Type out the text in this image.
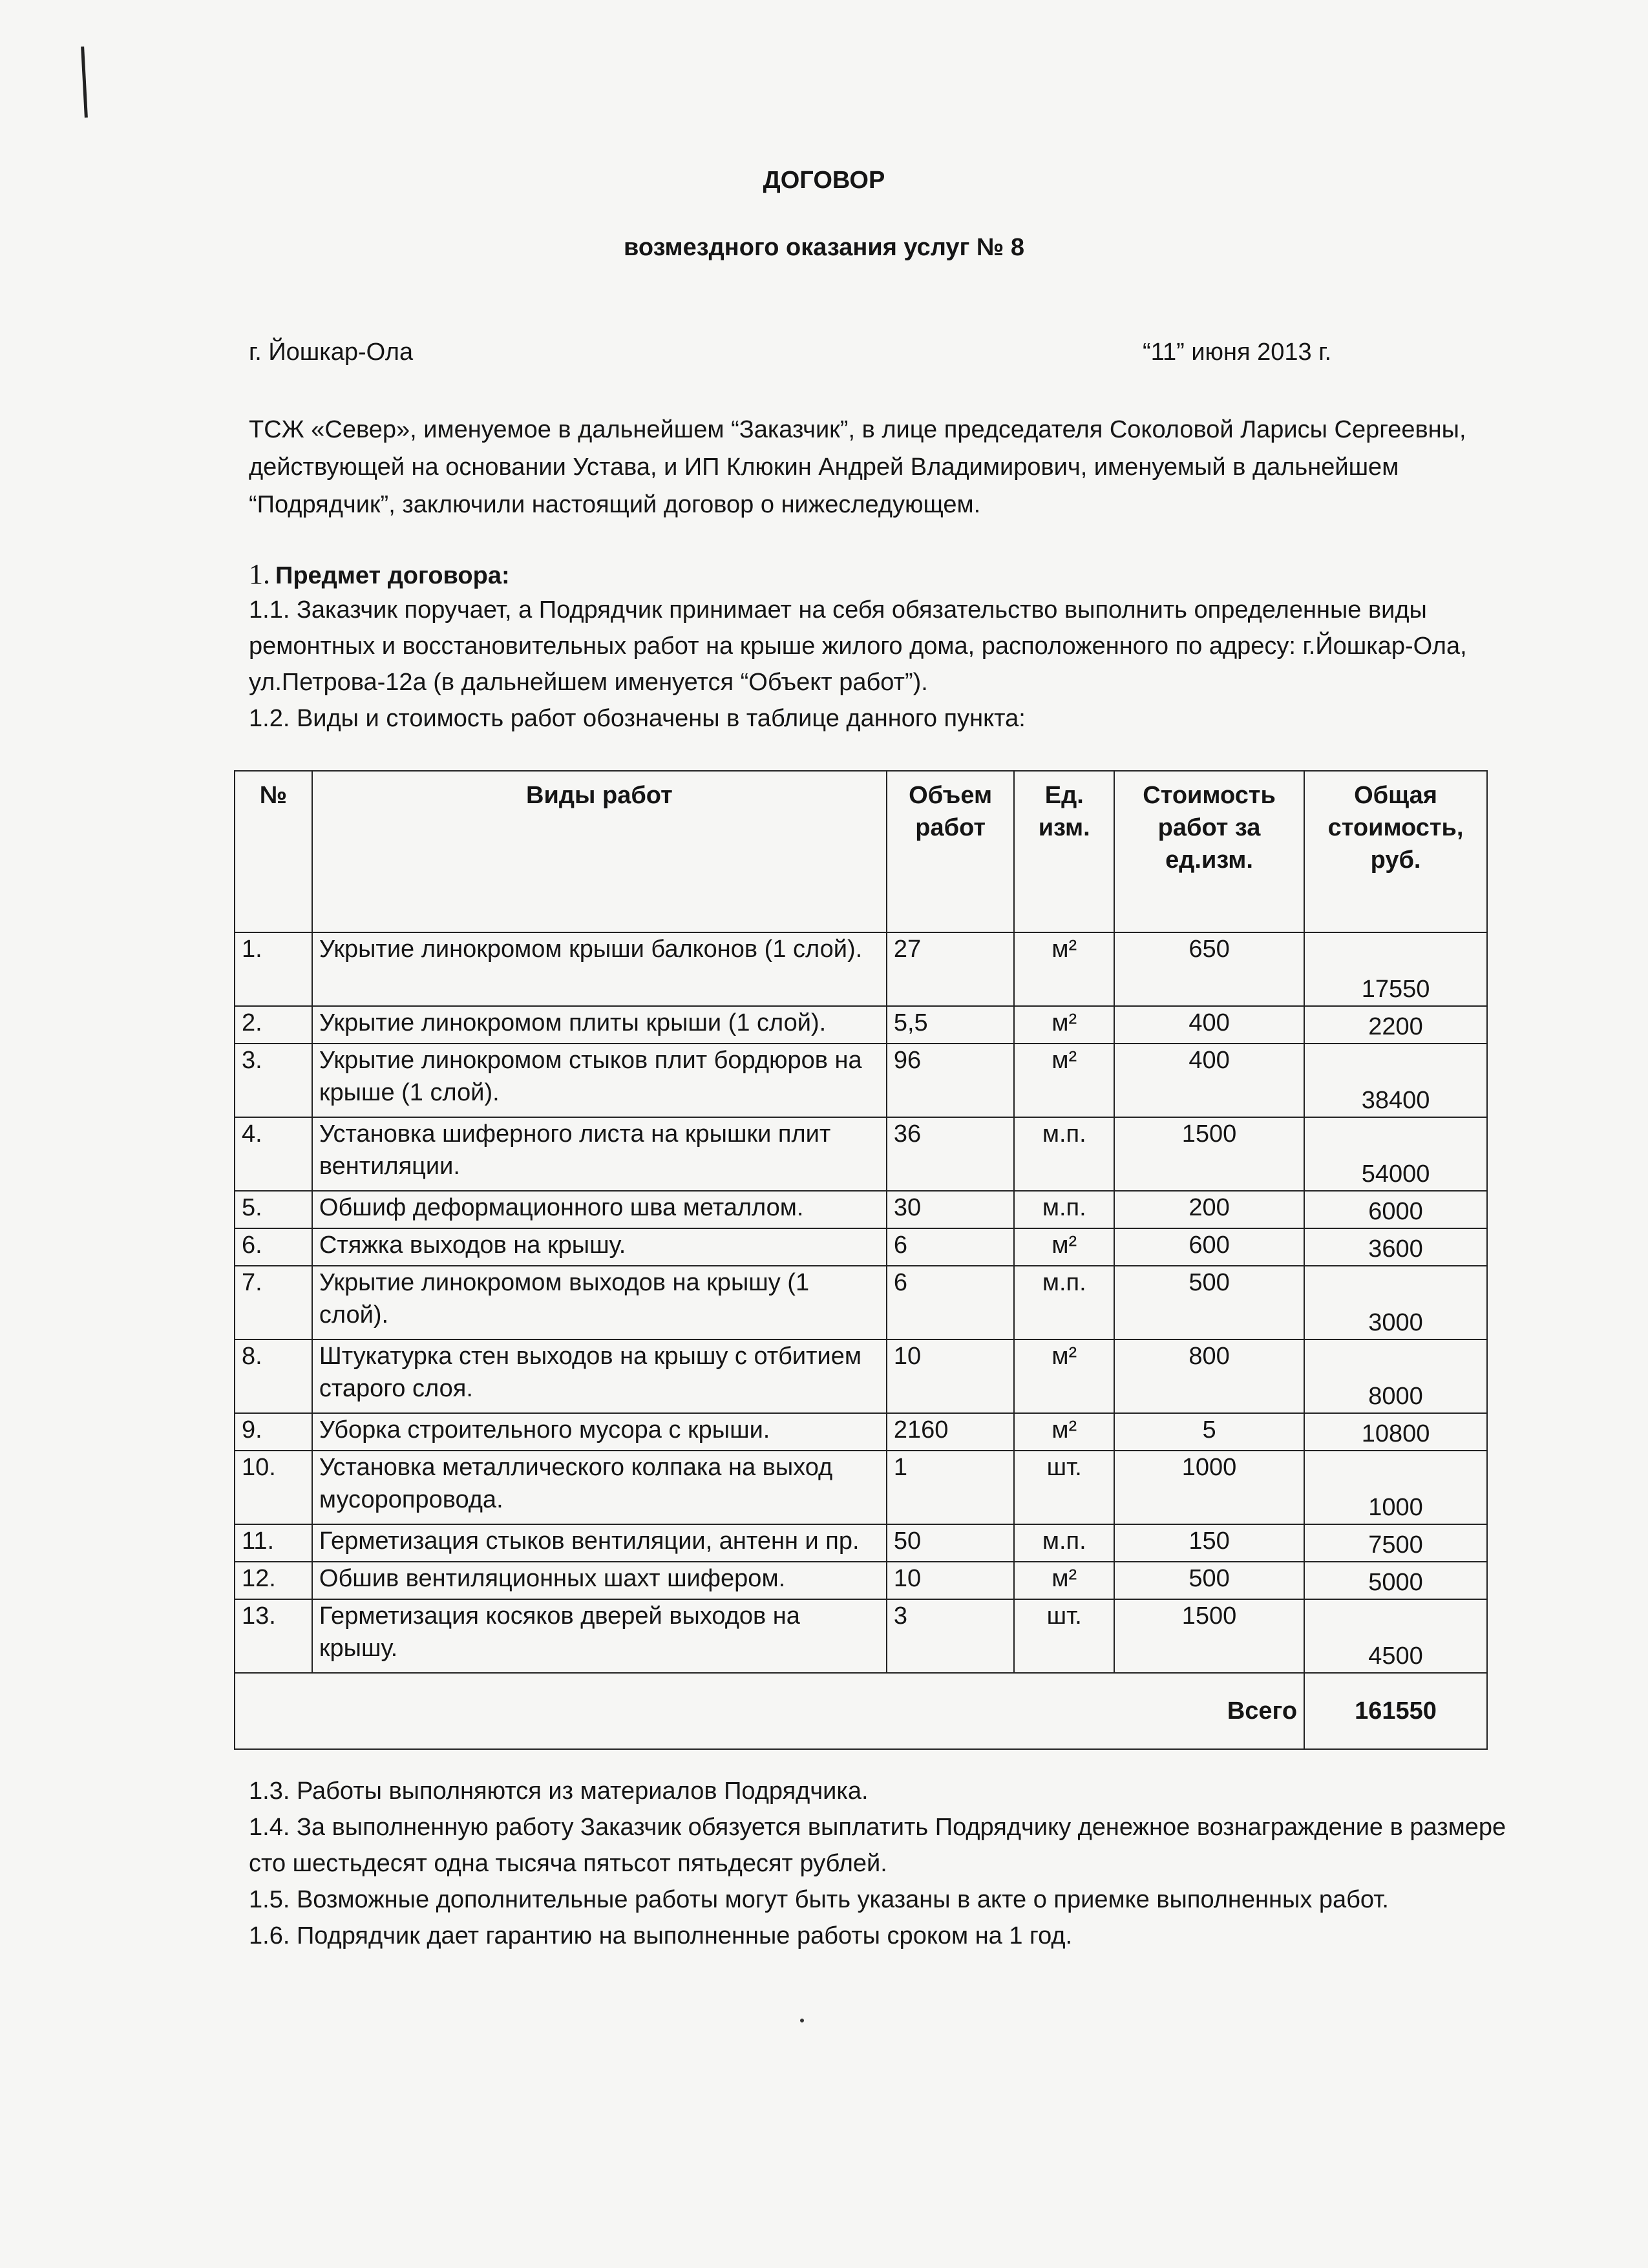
ДОГОВОР
возмездного оказания услуг № 8
г. Йошкар-Ола	“11” июня 2013 г.
ТСЖ «Север», именуемое в дальнейшем “Заказчик”, в лице председателя Соколовой Ларисы Сергеевны, действующей на основании Устава, и ИП Клюкин Андрей Владимирович, именуемый в дальнейшем “Подрядчик”, заключили настоящий договор о нижеследующем.
1. Предмет договора:
1.1. Заказчик поручает, а Подрядчик принимает на себя обязательство выполнить определенные виды ремонтных и восстановительных работ на крыше жилого дома, расположенного по адресу: г.Йошкар-Ола, ул.Петрова-12а (в дальнейшем именуется “Объект работ”).
1.2. Виды и стоимость работ обозначены в таблице данного пункта:
№	Виды работ	Объем работ	Ед. изм.	Стоимость работ за ед.изм.	Общая стоимость, руб.
1.	Укрытие линокромом крыши балконов (1 слой).	27	м²	650	17550
2.	Укрытие линокромом плиты крыши (1 слой).	5,5	м²	400	2200
3.	Укрытие линокромом стыков плит бордюров на крыше (1 слой).	96	м²	400	38400
4.	Установка шиферного листа на крышки плит вентиляции.	36	м.п.	1500	54000
5.	Обшиф деформационного шва металлом.	30	м.п.	200	6000
6.	Стяжка выходов на крышу.	6	м²	600	3600
7.	Укрытие линокромом выходов на крышу (1 слой).	6	м.п.	500	3000
8.	Штукатурка стен выходов на крышу с отбитием старого слоя.	10	м²	800	8000
9.	Уборка строительного мусора с крыши.	2160	м²	5	10800
10.	Установка металлического колпака на выход мусоропровода.	1	шт.	1000	1000
11.	Герметизация стыков вентиляции, антенн и пр.	50	м.п.	150	7500
12.	Обшив вентиляционных шахт шифером.	10	м²	500	5000
13.	Герметизация косяков дверей выходов на крышу.	3	шт.	1500	4500
Всего					161550

1.3. Работы выполняются из материалов Подрядчика.

1.4. За выполненную работу Заказчик обязуется выплатить Подрядчику денежное вознаграждение в размере сто шестьдесят одна тысяча пятьсот пятьдесят рублей.

1.5. Возможные дополнительные работы могут быть указаны в акте о приемке выполненных работ.

1.6. Подрядчик дает гарантию на выполненные работы сроком на 1 год.
